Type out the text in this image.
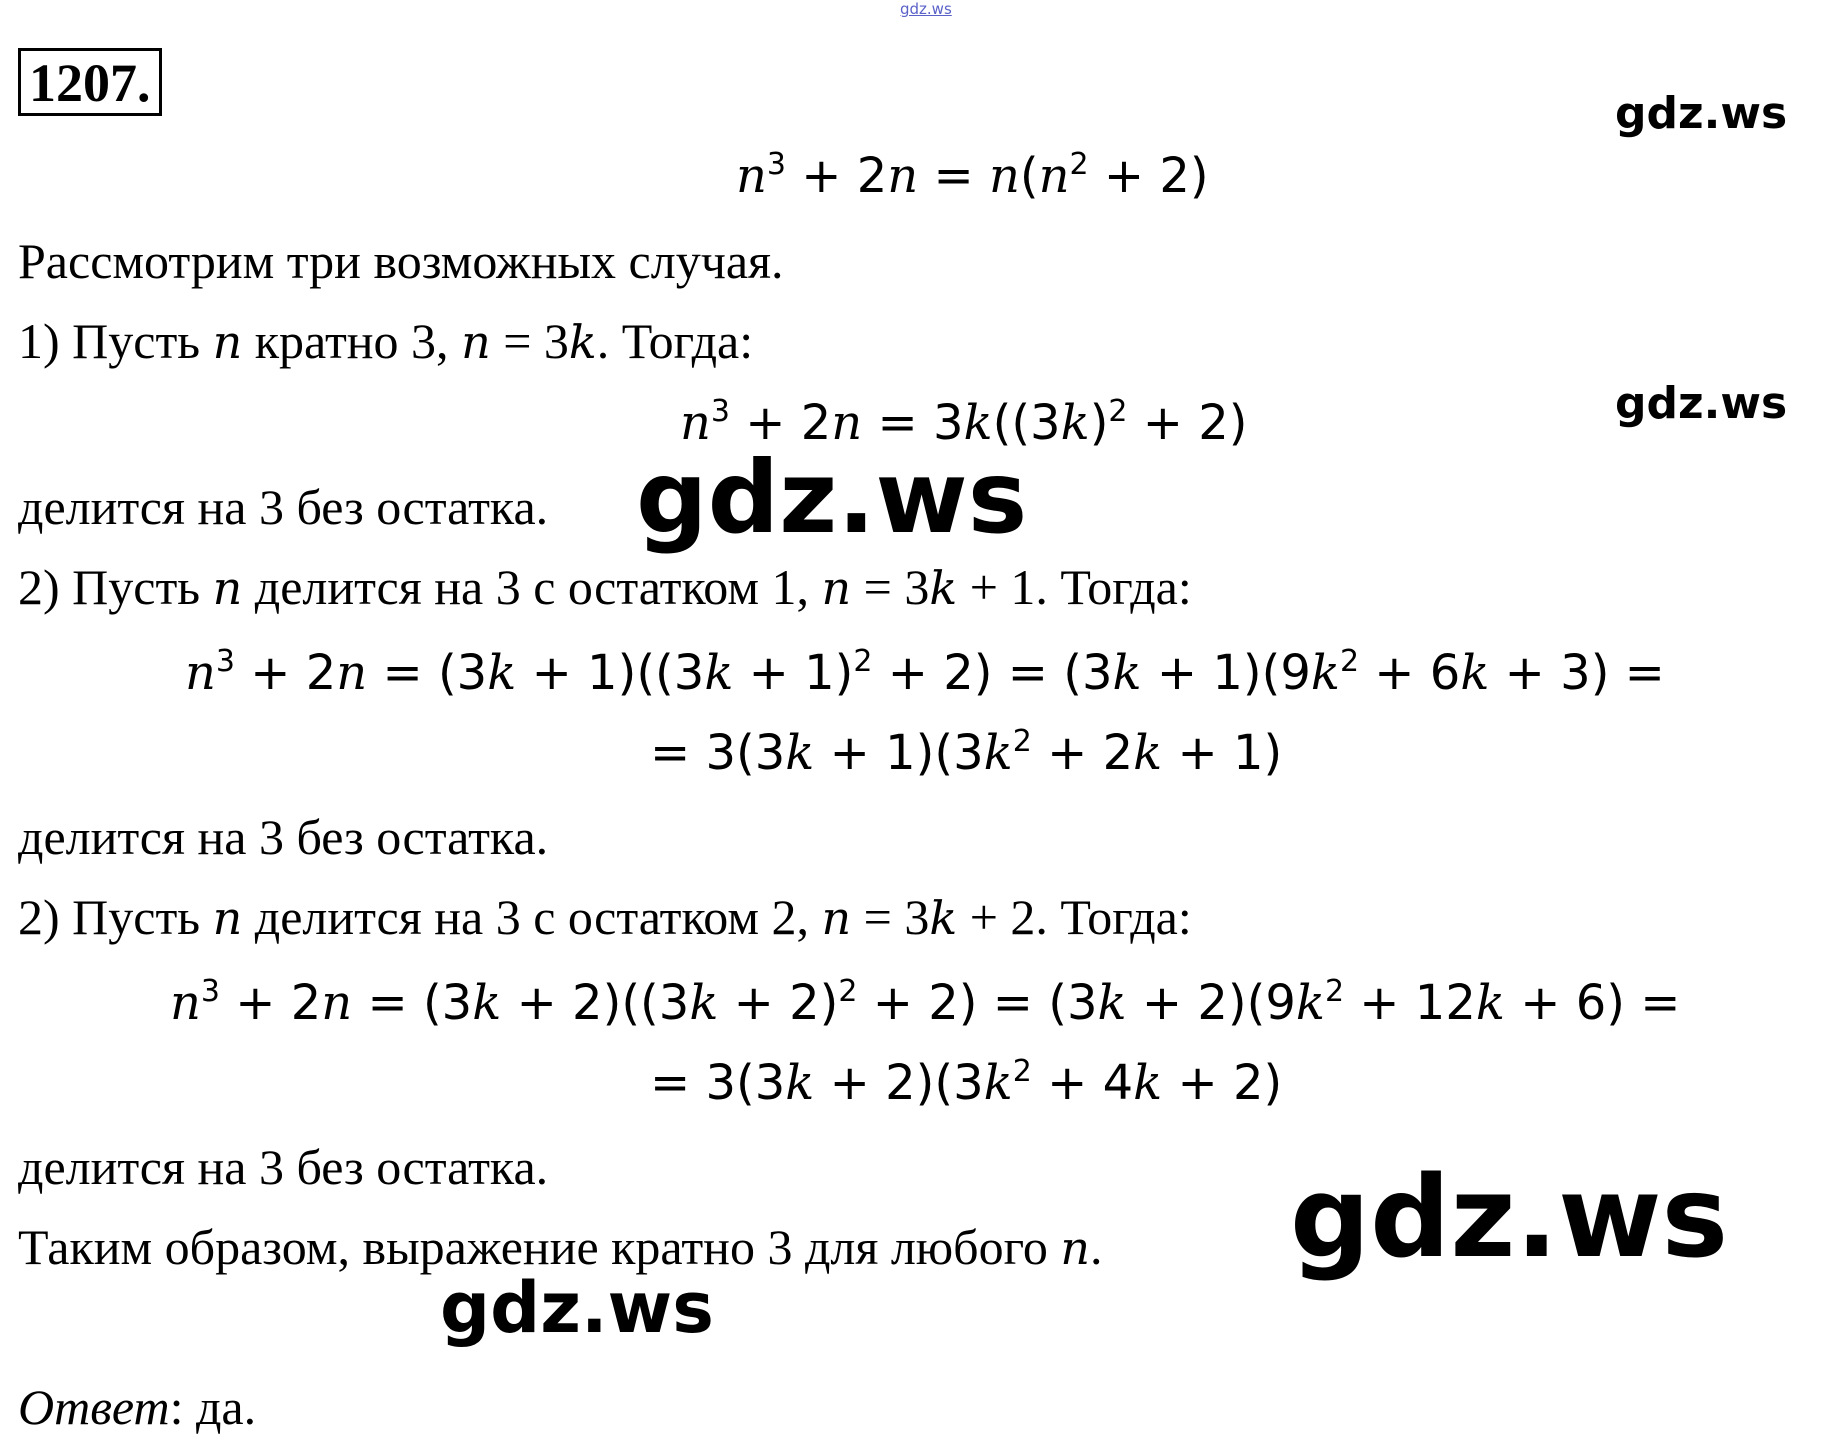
gdz.ws
1207.
gdz.ws
gdz.ws
gdz.ws
gdz.ws
gdz.ws
$n^3 + 2n = n(n^2 + 2)$
Рассмотрим три возможных случая.
1) Пусть n кратно 3, n = 3k. Тогда:
$n^3 + 2n = 3k((3k)^2 + 2)$
делится на 3 без остатка.
2) Пусть n делится на 3 с остатком 1, n = 3k + 1. Тогда:
$n^3 + 2n = (3k + 1)((3k + 1)^2 + 2) = (3k + 1)(9k^2 + 6k + 3)$ =
= $3(3k + 1)(3k^2 + 2k + 1)$
делится на 3 без остатка.
2) Пусть n делится на 3 с остатком 2, n = 3k + 2. Тогда:
$n^3 + 2n = (3k + 2)((3k + 2)^2 + 2) = (3k + 2)(9k^2 + 12k + 6)$ =
= $3(3k + 2)(3k^2 + 4k + 2)$
делится на 3 без остатка.
Таким образом, выражение кратно 3 для любого n.
Ответ: да.
